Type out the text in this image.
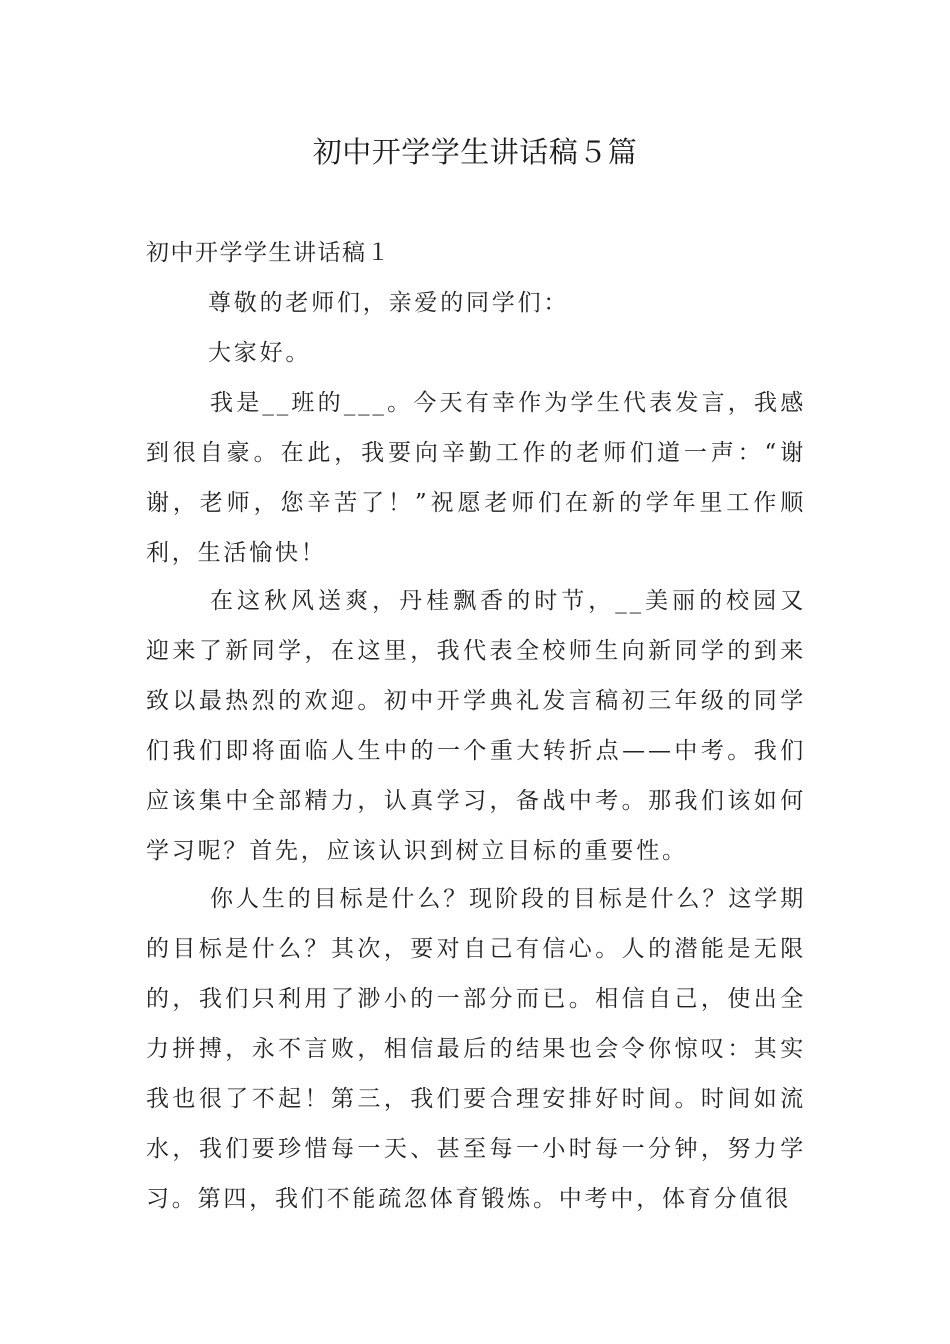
初中开学学生讲话稿５篇
初中开学学生讲话稿１
尊敬的老师们，亲爱的同学们：
大家好。

我是__班的___。今天有幸作为学生代表发言，我感到很自豪。在此，我要向辛勤工作的老师们道一声：“谢谢，老师，您辛苦了！”祝愿老师们在新的学年里工作顺利，生活愉快！

在这秋风送爽，丹桂飘香的时节，__美丽的校园又迎来了新同学，在这里，我代表全校师生向新同学的到来致以最热烈的欢迎。初中开学典礼发言稿初三年级的同学们我们即将面临人生中的一个重大转折点——中考。我们应该集中全部精力，认真学习，备战中考。那我们该如何学习呢？首先，应该认识到树立目标的重要性。

你人生的目标是什么？现阶段的目标是什么？这学期的目标是什么？其次，要对自己有信心。人的潜能是无限的，我们只利用了渺小的一部分而已。相信自己，使出全力拼搏，永不言败，相信最后的结果也会令你惊叹：其实我也很了不起！第三，我们要合理安排好时间。时间如流水，我们要珍惜每一天、甚至每一小时每一分钟，努力学习。第四，我们不能疏忽体育锻炼。中考中，体育分值很
